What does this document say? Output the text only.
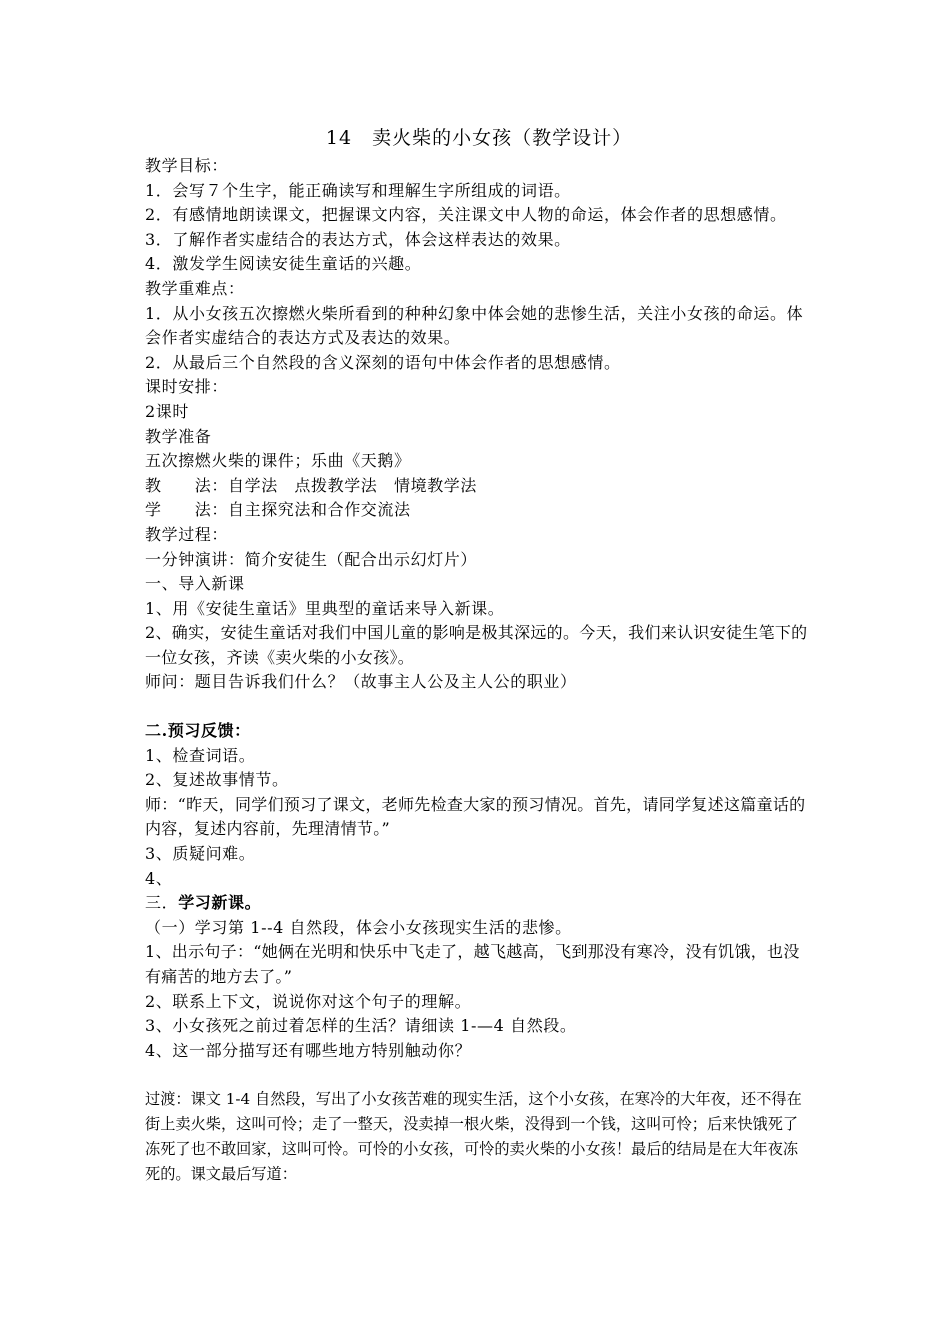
14　卖火柴的小女孩（教学设计）

教学目标：

1．会写７个生字，能正确读写和理解生字所组成的词语。

2．有感情地朗读课文，把握课文内容，关注课文中人物的命运，体会作者的思想感情。

3．了解作者实虚结合的表达方式，体会这样表达的效果。

4．激发学生阅读安徒生童话的兴趣。

教学重难点：

1．从小女孩五次擦燃火柴所看到的种种幻象中体会她的悲惨生活，关注小女孩的命运。体会作者实虚结合的表达方式及表达的效果。

2．从最后三个自然段的含义深刻的语句中体会作者的思想感情。

课时安排：

2课时

教学准备

五次擦燃火柴的课件；乐曲《天鹅》

教　　法：自学法　点拨教学法　情境教学法

学　　法：自主探究法和合作交流法

教学过程：

一分钟演讲：简介安徒生（配合出示幻灯片）

一、导入新课

1、用《安徒生童话》里典型的童话来导入新课。

2、确实，安徒生童话对我们中国儿童的影响是极其深远的。今天，我们来认识安徒生笔下的一位女孩，齐读《卖火柴的小女孩》。

师问：题目告诉我们什么？（故事主人公及主人公的职业）

二.预习反馈：

1、检查词语。

2、复述故事情节。

师：“昨天，同学们预习了课文，老师先检查大家的预习情况。首先，请同学复述这篇童话的内容，复述内容前，先理清情节。”

3、质疑问难。

4、

三．学习新课。

（一）学习第 1--4 自然段，体会小女孩现实生活的悲惨。

1、出示句子：“她俩在光明和快乐中飞走了，越飞越高，飞到那没有寒冷，没有饥饿，也没有痛苦的地方去了。”

2、联系上下文，说说你对这个句子的理解。

3、小女孩死之前过着怎样的生活？请细读 1-—4 自然段。

4、这一部分描写还有哪些地方特别触动你？

过渡：课文 1-4 自然段，写出了小女孩苦难的现实生活，这个小女孩，在寒冷的大年夜，还不得在街上卖火柴，这叫可怜；走了一整天，没卖掉一根火柴，没得到一个钱，这叫可怜；后来快饿死了冻死了也不敢回家，这叫可怜。可怜的小女孩，可怜的卖火柴的小女孩！最后的结局是在大年夜冻死的。课文最后写道：
